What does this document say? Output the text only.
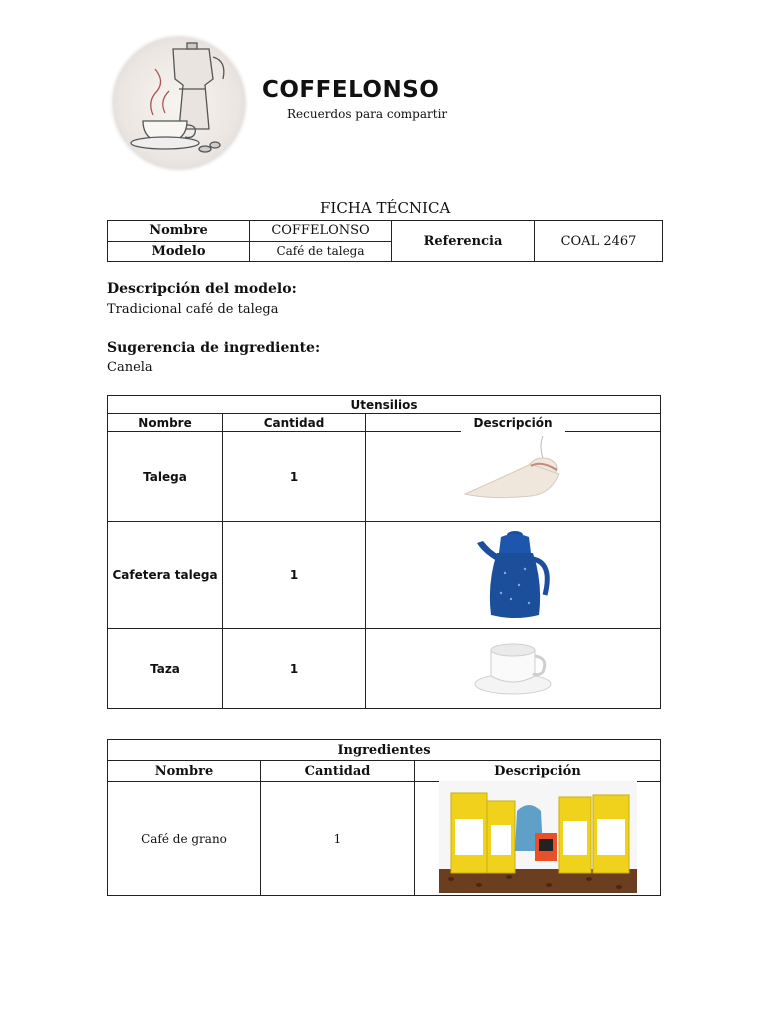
COFFELONSO
Recuerdos para compartir
FICHA TÉCNICA
Nombre	COFFELONSO	Referencia	COAL 2467
Modelo	Café de talega		
Descripción del modelo:
Tradicional café de talega
Sugerencia de ingrediente:
Canela
Utensilios		
Nombre	Cantidad	Descripción
Talega	1	
Cafetera talega	1	
Taza	1	
Ingredientes		
Nombre	Cantidad	Descripción
Café de grano	1	
